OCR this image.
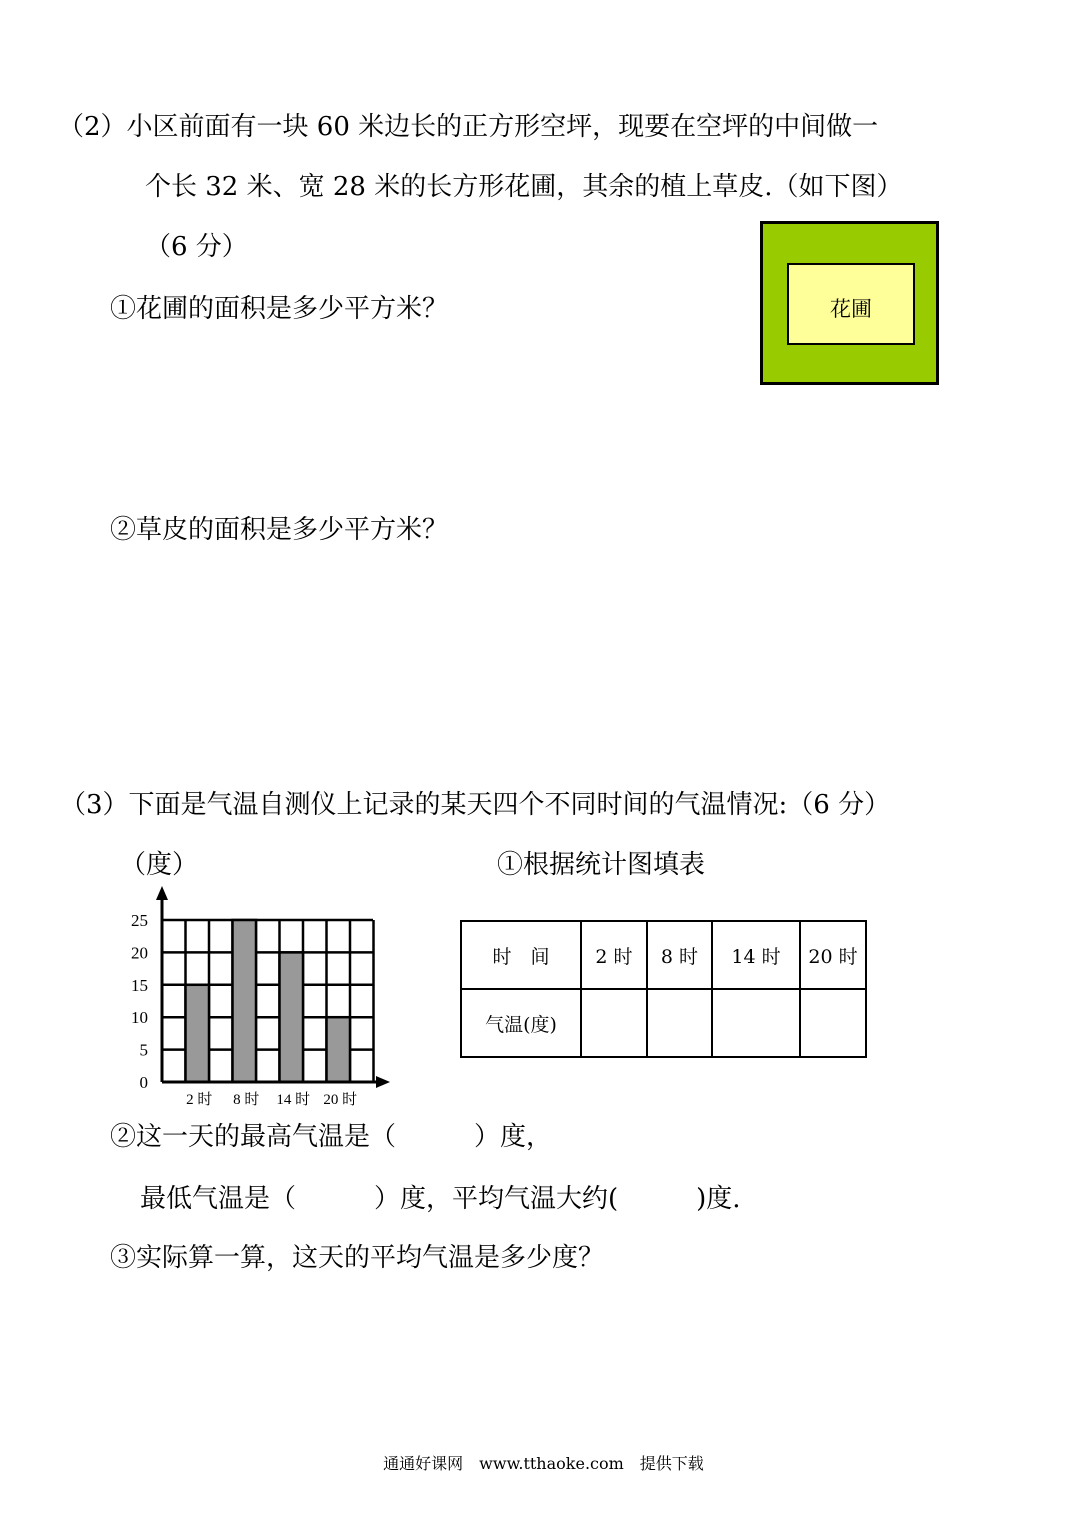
（2）小区前面有一块 60 米边长的正方形空坪，现要在空坪的中间做一
个长 32 米、宽 28 米的长方形花圃，其余的植上草皮.（如下图）
（6 分）
①花圃的面积是多少平方米？
②草皮的面积是多少平方米？
花圃
（3）下面是气温自测仪上记录的某天四个不同时间的气温情况:（6 分）
（度）	①根据统计图填表
0
5
10
15
20
25
2 时 8 时 14 时 20 时
时　间	2 时	8 时	14 时	20 时
气温(度)				
②这一天的最高气温是（　　　）度，
最低气温是（　　　）度，平均气温大约(　　　)度.
③实际算一算，这天的平均气温是多少度？
通通好课网　www.tthaoke.com　提供下载
